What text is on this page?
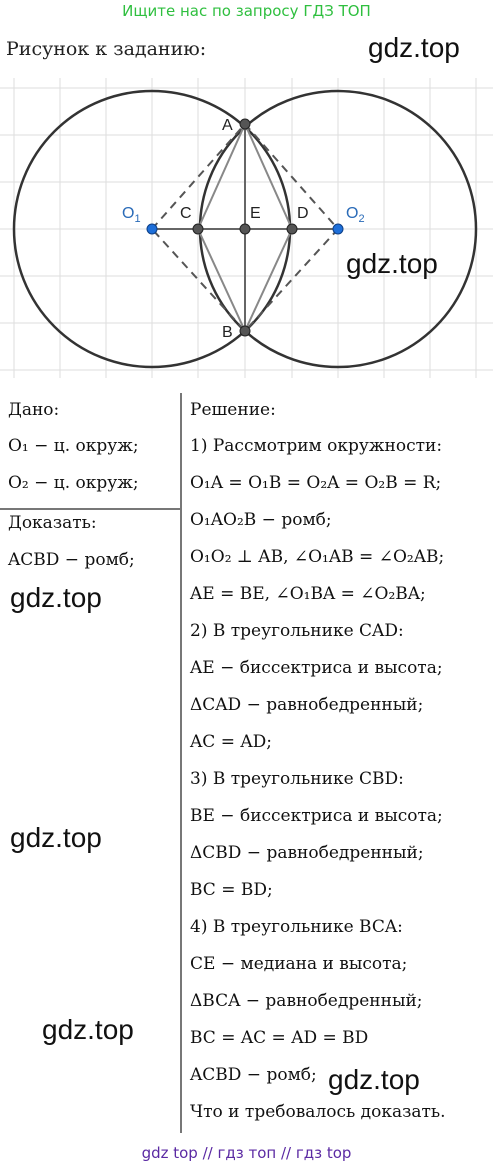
Ищите нас по запросу ГДЗ ТОП
Рисунок к заданию:	gdz.top
A
B
C	D
E
$O_1$	$O_2$
gdz.top
Дано:
O₁ − ц. окруж;
O₂ − ц. окруж;
Доказать:
ACBD − ромб;
gdz.top
gdz.top
gdz.top
Решение:
1) Рассмотрим окружности:
O₁A = O₁B = O₂A = O₂B = R;
O₁AO₂B − ромб;
O₁O₂ ⊥ AB, ∠O₁AB = ∠O₂AB;
AE = BE, ∠O₁BA = ∠O₂BA;
2) В треугольнике CAD:
AE − биссектриса и высота;
ΔCAD − равнобедренный;
AC = AD;
3) В треугольнике CBD:
BE − биссектриса и высота;
ΔCBD − равнобедренный;
BC = BD;
4) В треугольнике BCA:
CE − медиана и высота;
ΔBCA − равнобедренный;
BC = AC = AD = BD
ACBD − ромб;
Что и требовалось доказать.
gdz.top
gdz top // гдз топ // гдз top
